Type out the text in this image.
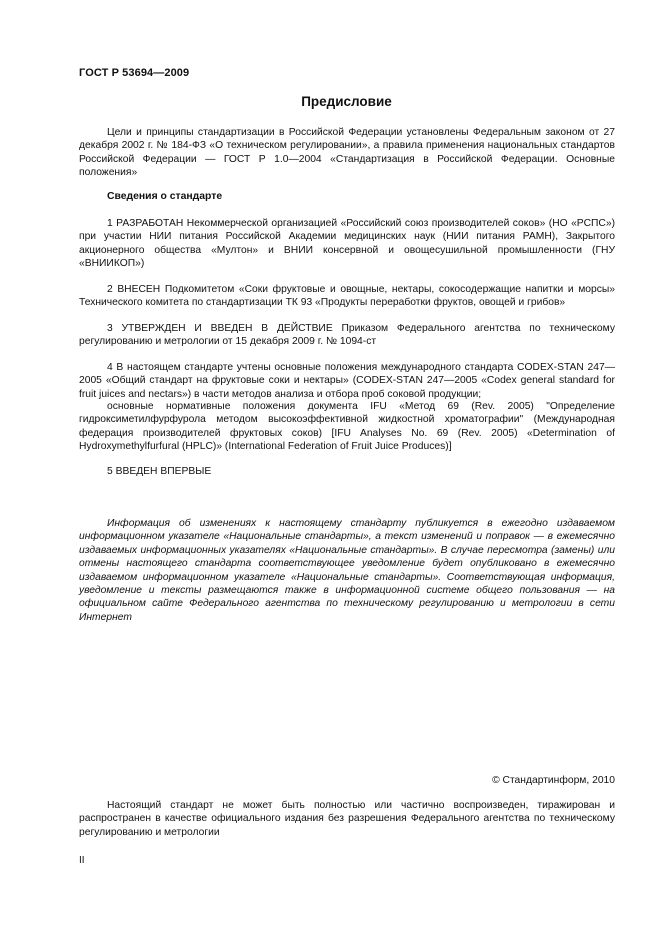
ГОСТ Р 53694—2009
Предисловие
Цели и принципы стандартизации в Российской Федерации установлены Федеральным законом от 27 декабря 2002 г. № 184-ФЗ «О техническом регулировании», а правила применения национальных стандартов Российской Федерации — ГОСТ Р 1.0—2004 «Стандартизация в Российской Федерации. Основные положения»
Сведения о стандарте
1 РАЗРАБОТАН Некоммерческой организацией «Российский союз производителей соков» (НО «РСПС») при участии НИИ питания Российской Академии медицинских наук (НИИ питания РАМН), Закрытого акционерного общества «Мултон» и ВНИИ консервной и овощесушильной промышленности (ГНУ «ВНИИКОП»)
2 ВНЕСЕН Подкомитетом «Соки фруктовые и овощные, нектары, сокосодержащие напитки и морсы» Технического комитета по стандартизации ТК 93 «Продукты переработки фруктов, овощей и грибов»
3 УТВЕРЖДЕН И ВВЕДЕН В ДЕЙСТВИЕ Приказом Федерального агентства по техническому регулированию и метрологии от 15 декабря 2009 г. № 1094-ст
4 В настоящем стандарте учтены основные положения международного стандарта CODEX-STAN 247—2005 «Общий стандарт на фруктовые соки и нектары» (CODEX-STAN 247—2005 «Codex general standard for fruit juices and nectars») в части методов анализа и отбора проб соковой продукции;
основные нормативные положения документа IFU «Метод 69 (Rev. 2005) "Определение гидроксиметилфурфурола методом высокоэффективной жидкостной хроматографии" (Международная федерация производителей фруктовых соков) [IFU Analyses No. 69 (Rev. 2005) «Determination of Hydroxymethylfurfural (HPLC)» (International Federation of Fruit Juice Produces)]
5 ВВЕДЕН ВПЕРВЫЕ
Информация об изменениях к настоящему стандарту публикуется в ежегодно издаваемом информационном указателе «Национальные стандарты», а текст изменений и поправок — в ежемесячно издаваемых информационных указателях «Национальные стандарты». В случае пересмотра (замены) или отмены настоящего стандарта соответствующее уведомление будет опубликовано в ежемесячно издаваемом информационном указателе «Национальные стандарты». Соответствующая информация, уведомление и тексты размещаются также в информационной системе общего пользования — на официальном сайте Федерального агентства по техническому регулированию и метрологии в сети Интернет
© Стандартинформ, 2010
Настоящий стандарт не может быть полностью или частично воспроизведен, тиражирован и распространен в качестве официального издания без разрешения Федерального агентства по техническому регулированию и метрологии
II
